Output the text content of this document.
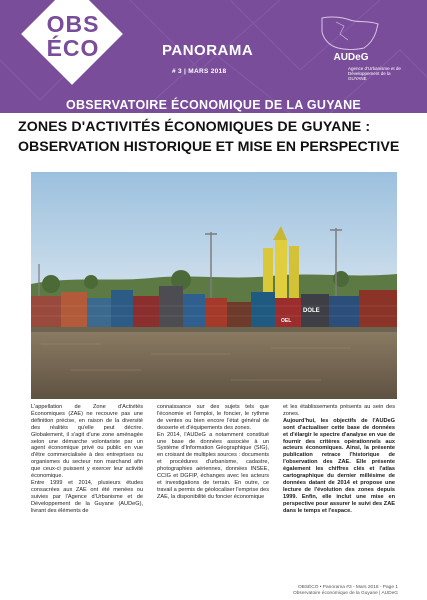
OBS
ÉCO	PANORAMA
# 3 | MARS 2018
AUDeG
Agence d'Urbanisme et de Développement de la GUYANE
OBSERVATOIRE ÉCONOMIQUE DE LA GUYANE
ZONES D'ACTIVITÉS ÉCONOMIQUES DE GUYANE :
OBSERVATION HISTORIQUE ET MISE EN PERSPECTIVE
DOLE
OEL

L'appellation de Zone d'Activités Économiques (ZAE) ne recouvre pas une définition précise, en raison de la diversité des réalités qu'elle peut décrire. Globalement, il s'agit d'une zone aménagée selon une démarche volontariste par un agent économique privé ou public en vue d'être commercialisée à des entreprises ou organismes du secteur non marchand afin que ceux-ci puissent y exercer leur activité économique.

Entre 1999 et 2014, plusieurs études consacrées aux ZAE ont été menées ou suivies par l'Agence d'Urbanisme et de Développement de la Guyane (AUDeG), livrant des éléments de

connaissance sur des sujets tels que l'économie et l'emploi, le foncier, le rythme de ventes ou bien encore l'état général de desserte et d'équipements des zones.

En 2014, l'AUDeG a notamment constitué une base de données associée à un Système d'Information Géographique (SIG), en croisant de multiples sources : documents et procédures d'urbanisme, cadastre, photographies aériennes, données INSEE, CCIG et DGFIP, échanges avec les acteurs et investigations de terrain. En outre, ce travail a permis de géolocaliser l'emprise des ZAE, la disponibilité du foncier économique

et les établissements présents au sein des zones.

Aujourd'hui, les objectifs de l'AUDeG sont d'actualiser cette base de données et d'élargir le spectre d'analyse en vue de fournir des critères opérationnels aux acteurs économiques. Ainsi, la présente publication retrace l'historique de l'observation des ZAE. Elle présente également les chiffres clés et l'atlas cartographique du dernier millésime de données datant de 2014 et propose une lecture de l'évolution des zones depuis 1999. Enfin, elle inclut une mise en perspective pour assurer le suivi des ZAE dans le temps et l'espace.

OBSÉCO • Panorama #3 - Mars 2018 - Page 1
Observatoire économique de la Guyane | AUDeG
